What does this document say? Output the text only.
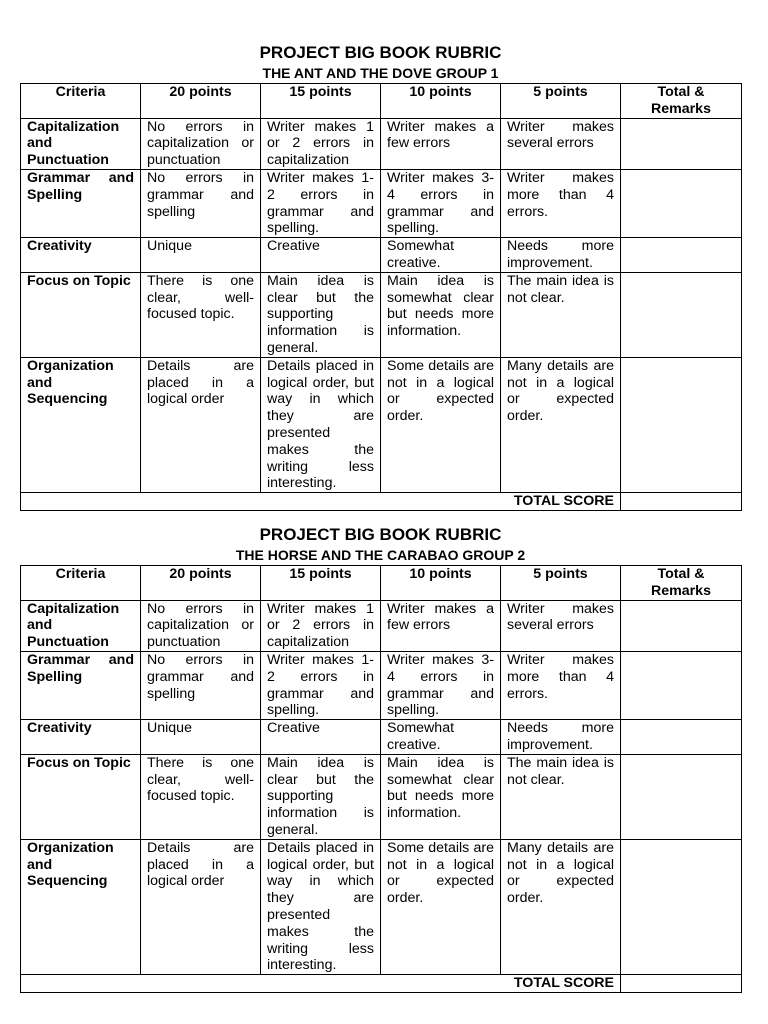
PROJECT BIG BOOK RUBRIC
THE ANT AND THE DOVE GROUP 1
Criteria	20 points	15 points	10 points	5 points	Total & Remarks
Capitalization and Punctuation	No errors in capitalization or punctuation	Writer makes 1 or 2 errors in capitalization	Writer makes a few errors	Writer makes several errors	
Grammar and Spelling	No errors in grammar and spelling	Writer makes 1-2 errors in grammar and spelling.	Writer makes 3-4 errors in grammar and spelling.	Writer makes more than 4 errors.	
Creativity	Unique	Creative	Somewhat creative.	Needs more improvement.	
Focus on Topic	There is one clear, well-focused topic.	Main idea is clear but the supporting information is general.	Main idea is somewhat clear but needs more information.	The main idea is not clear.	
Organization and Sequencing	Details are placed in a logical order	Details placed in logical order, but way in which they are presented makes the writing less interesting.	Some details are not in a logical or expected order.	Many details are not in a logical or expected order.	
TOTAL SCORE					
PROJECT BIG BOOK RUBRIC
THE HORSE AND THE CARABAO GROUP 2
Criteria	20 points	15 points	10 points	5 points	Total & Remarks
Capitalization and Punctuation	No errors in capitalization or punctuation	Writer makes 1 or 2 errors in capitalization	Writer makes a few errors	Writer makes several errors	
Grammar and Spelling	No errors in grammar and spelling	Writer makes 1-2 errors in grammar and spelling.	Writer makes 3-4 errors in grammar and spelling.	Writer makes more than 4 errors.	
Creativity	Unique	Creative	Somewhat creative.	Needs more improvement.	
Focus on Topic	There is one clear, well-focused topic.	Main idea is clear but the supporting information is general.	Main idea is somewhat clear but needs more information.	The main idea is not clear.	
Organization and Sequencing	Details are placed in a logical order	Details placed in logical order, but way in which they are presented makes the writing less interesting.	Some details are not in a logical or expected order.	Many details are not in a logical or expected order.	
TOTAL SCORE					
